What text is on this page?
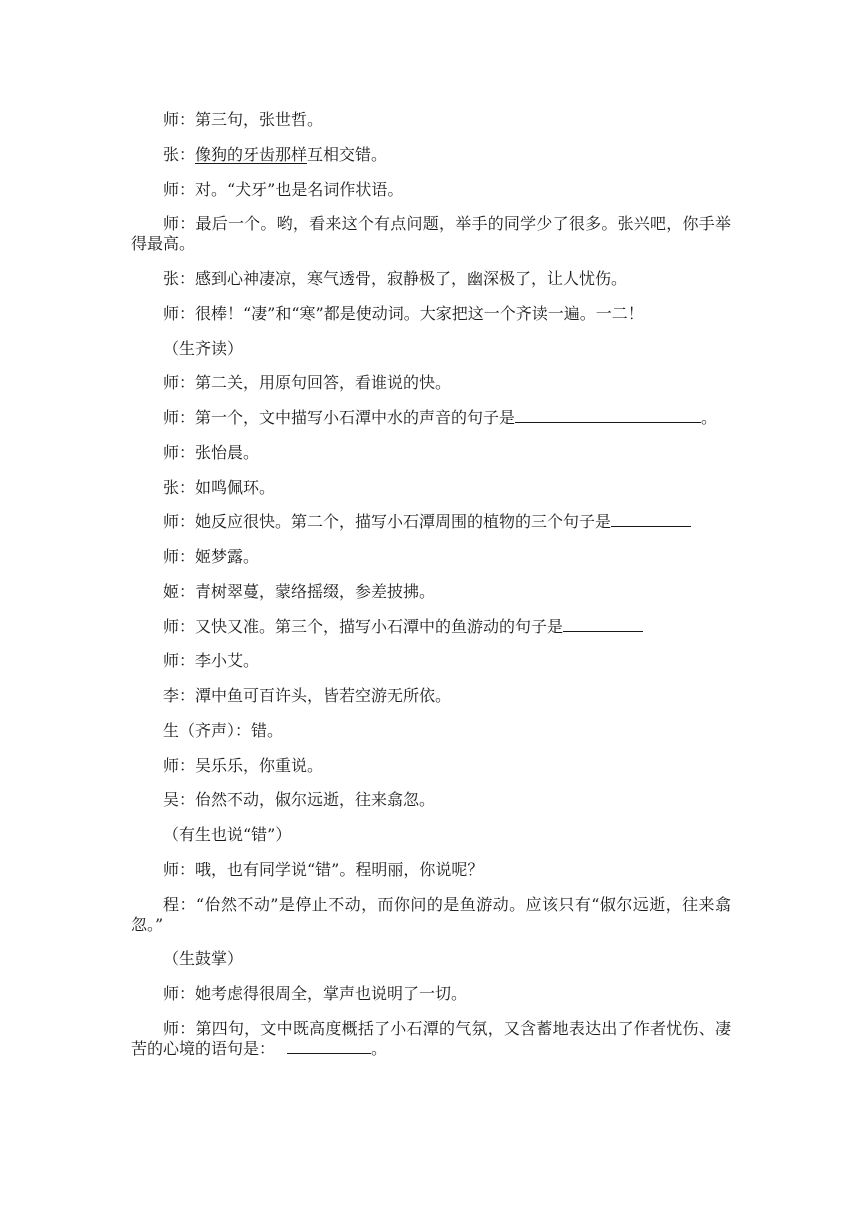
师：第三句，张世哲。

张：像狗的牙齿那样互相交错。

师：对。“犬牙”也是名词作状语。

师：最后一个。哟，看来这个有点问题，举手的同学少了很多。张兴吧，你手举得最高。

张：感到心神凄凉，寒气透骨，寂静极了，幽深极了，让人忧伤。

师：很棒！“凄”和“寒”都是使动词。大家把这一个齐读一遍。一二！

（生齐读）

师：第二关，用原句回答，看谁说的快。

师：第一个，文中描写小石潭中水的声音的句子是	。

师：张怡晨。

张：如鸣佩环。

师：她反应很快。第二个，描写小石潭周围的植物的三个句子是

师：姬梦露。

姬：青树翠蔓，蒙络摇缀，参差披拂。

师：又快又准。第三个，描写小石潭中的鱼游动的句子是

师：李小艾。

李：潭中鱼可百许头，皆若空游无所依。

生（齐声）：错。

师：吴乐乐，你重说。

吴：佁然不动，俶尔远逝，往来翕忽。

（有生也说“错”）

师：哦，也有同学说“错”。程明丽，你说呢？

程：“佁然不动”是停止不动，而你问的是鱼游动。应该只有“俶尔远逝，往来翕忽。”

（生鼓掌）

师：她考虑得很周全，掌声也说明了一切。

师：第四句，文中既高度概括了小石潭的气氛，又含蓄地表达出了作者忧伤、凄苦的心境的语句是：	。
